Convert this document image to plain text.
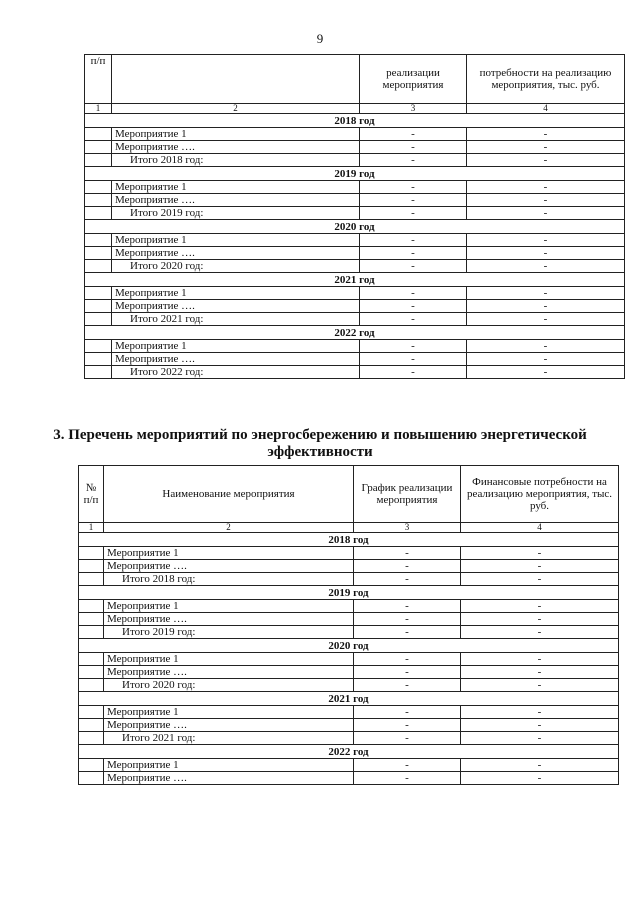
9
п/п		реализации мероприятия	потребности на реализацию мероприятия, тыс. руб.
1	2	3	4
2018 год			
	Мероприятие 1	-	-
	Мероприятие ….	-	-
	Итого 2018 год:	-	-
2019 год			
	Мероприятие 1	-	-
	Мероприятие ….	-	-
	Итого 2019 год:	-	-
2020 год			
	Мероприятие 1	-	-
	Мероприятие ….	-	-
	Итого 2020 год:	-	-
2021 год			
	Мероприятие 1	-	-
	Мероприятие ….	-	-
	Итого 2021 год:	-	-
2022 год			
	Мероприятие 1	-	-
	Мероприятие ….	-	-
	Итого 2022 год:	-	-
3. Перечень мероприятий по энергосбережению и повышению энергетической эффективности
№ п/п	Наименование мероприятия	График реализации мероприятия	Финансовые потребности на реализацию мероприятия, тыс. руб.
1	2	3	4
2018 год			
	Мероприятие 1	-	-
	Мероприятие ….	-	-
	Итого 2018 год:	-	-
2019 год			
	Мероприятие 1	-	-
	Мероприятие ….	-	-
	Итого 2019 год:	-	-
2020 год			
	Мероприятие 1	-	-
	Мероприятие ….	-	-
	Итого 2020 год:	-	-
2021 год			
	Мероприятие 1	-	-
	Мероприятие ….	-	-
	Итого 2021 год:	-	-
2022 год			
	Мероприятие 1	-	-
	Мероприятие ….	-	-
